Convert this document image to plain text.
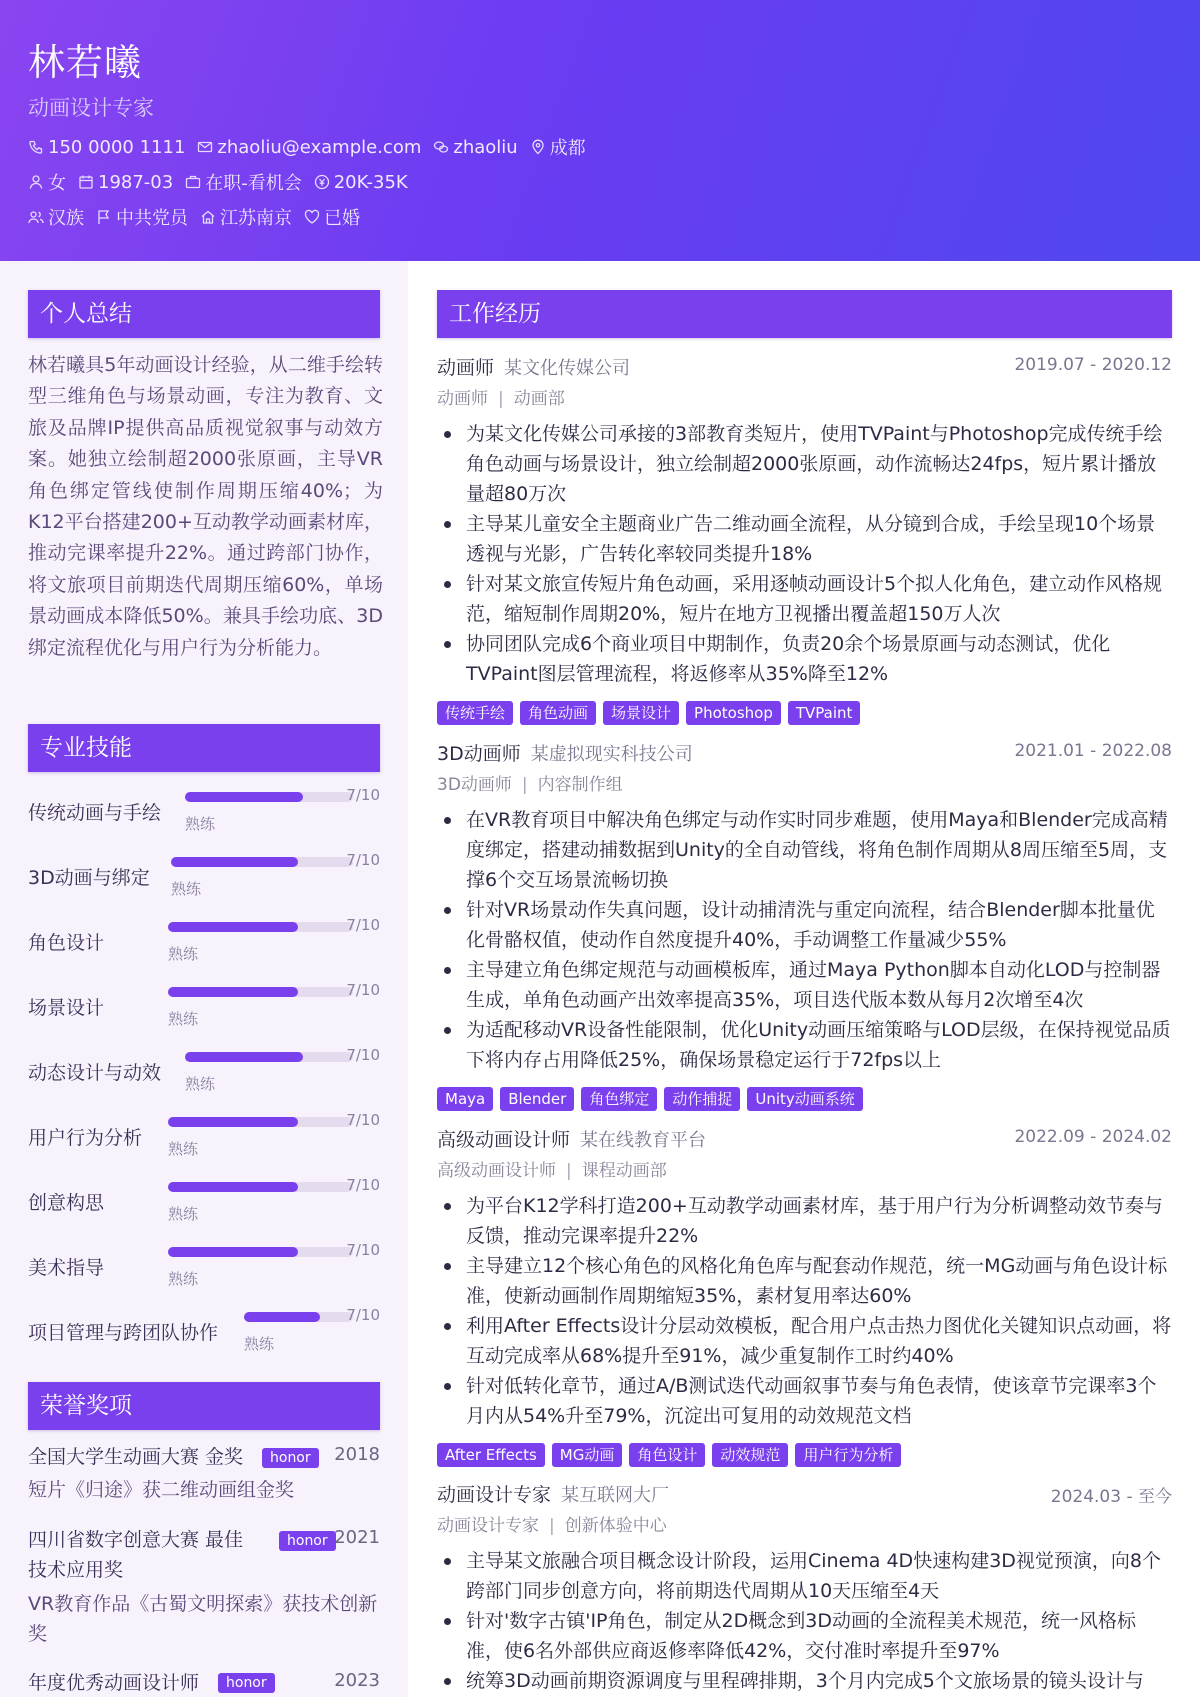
林若曦
动画设计专家
150 0000 1111 zhaoliu@example.com zhaoliu 成都
女 1987-03 在职-看机会 20K-35K
汉族 中共党员 江苏南京 已婚
个人总结
林若曦具5年动画设计经验，从二维手绘转型三维角色与场景动画，专注为教育、文旅及品牌IP提供高品质视觉叙事与动效方案。她独立绘制超2000张原画，主导VR角色绑定管线使制作周期压缩40%；为K12平台搭建200+互动教学动画素材库，推动完课率提升22%。通过跨部门协作，将文旅项目前期迭代周期压缩60%，单场景动画成本降低50%。兼具手绘功底、3D绑定流程优化与用户行为分析能力。
专业技能
传统动画与手绘
7/10
熟练
3D动画与绑定
7/10
熟练
角色设计
7/10
熟练
场景设计
7/10
熟练
动态设计与动效
7/10
熟练
用户行为分析
7/10
熟练
创意构思
7/10
熟练
美术指导
7/10
熟练
项目管理与跨团队协作
7/10
熟练
荣誉奖项
全国大学生动画大赛 金奖	honor	2018
短片《归途》获二维动画组金奖
四川省数字创意大赛 最佳技术应用奖
honor 2021
VR教育作品《古蜀文明探索》获技术创新奖
年度优秀动画设计师	honor	2023
工作经历
动画师 某文化传媒公司	2019.07 - 2020.12
动画师 | 动画部
为某文化传媒公司承接的3部教育类短片，使用TVPaint与Photoshop完成传统手绘角色动画与场景设计，独立绘制超2000张原画，动作流畅达24fps，短片累计播放量超80万次
主导某儿童安全主题商业广告二维动画全流程，从分镜到合成，手绘呈现10个场景透视与光影，广告转化率较同类提升18%
针对某文旅宣传短片角色动画，采用逐帧动画设计5个拟人化角色，建立动作风格规范，缩短制作周期20%，短片在地方卫视播出覆盖超150万人次
协同团队完成6个商业项目中期制作，负责20余个场景原画与动态测试，优化TVPaint图层管理流程，将返修率从35%降至12%
传统手绘	角色动画	场景设计	Photoshop	TVPaint
3D动画师 某虚拟现实科技公司	2021.01 - 2022.08
3D动画师 | 内容制作组
在VR教育项目中解决角色绑定与动作实时同步难题，使用Maya和Blender完成高精度绑定，搭建动捕数据到Unity的全自动管线，将角色制作周期从8周压缩至5周，支撑6个交互场景流畅切换
针对VR场景动作失真问题，设计动捕清洗与重定向流程，结合Blender脚本批量优化骨骼权值，使动作自然度提升40%，手动调整工作量减少55%
主导建立角色绑定规范与动画模板库，通过Maya Python脚本自动化LOD与控制器生成，单角色动画产出效率提高35%，项目迭代版本数从每月2次增至4次
为适配移动VR设备性能限制，优化Unity动画压缩策略与LOD层级，在保持视觉品质下将内存占用降低25%，确保场景稳定运行于72fps以上
Maya	Blender	角色绑定	动作捕捉	Unity动画系统
高级动画设计师 某在线教育平台	2022.09 - 2024.02
高级动画设计师 | 课程动画部
为平台K12学科打造200+互动教学动画素材库，基于用户行为分析调整动效节奏与反馈，推动完课率提升22%
主导建立12个核心角色的风格化角色库与配套动作规范，统一MG动画与角色设计标准，使新动画制作周期缩短35%，素材复用率达60%
利用After Effects设计分层动效模板，配合用户点击热力图优化关键知识点动画，将互动完成率从68%提升至91%，减少重复制作工时约40%
针对低转化章节，通过A/B测试迭代动画叙事节奏与角色表情，使该章节完课率3个月内从54%升至79%，沉淀出可复用的动效规范文档
After Effects	MG动画	角色设计	动效规范	用户行为分析
动画设计专家 某互联网大厂	2024.03 - 至今
动画设计专家 | 创新体验中心
主导某文旅融合项目概念设计阶段，运用Cinema 4D快速构建3D视觉预演，向8个跨部门同步创意方向，将前期迭代周期从10天压缩至4天
针对'数字古镇'IP角色，制定从2D概念到3D动画的全流程美术规范，统一风格标准，使6名外部供应商返修率降低42%，交付准时率提升至97%
统筹3D动画前期资源调度与里程碑排期，3个月内完成5个文旅场景的镜头设计与
